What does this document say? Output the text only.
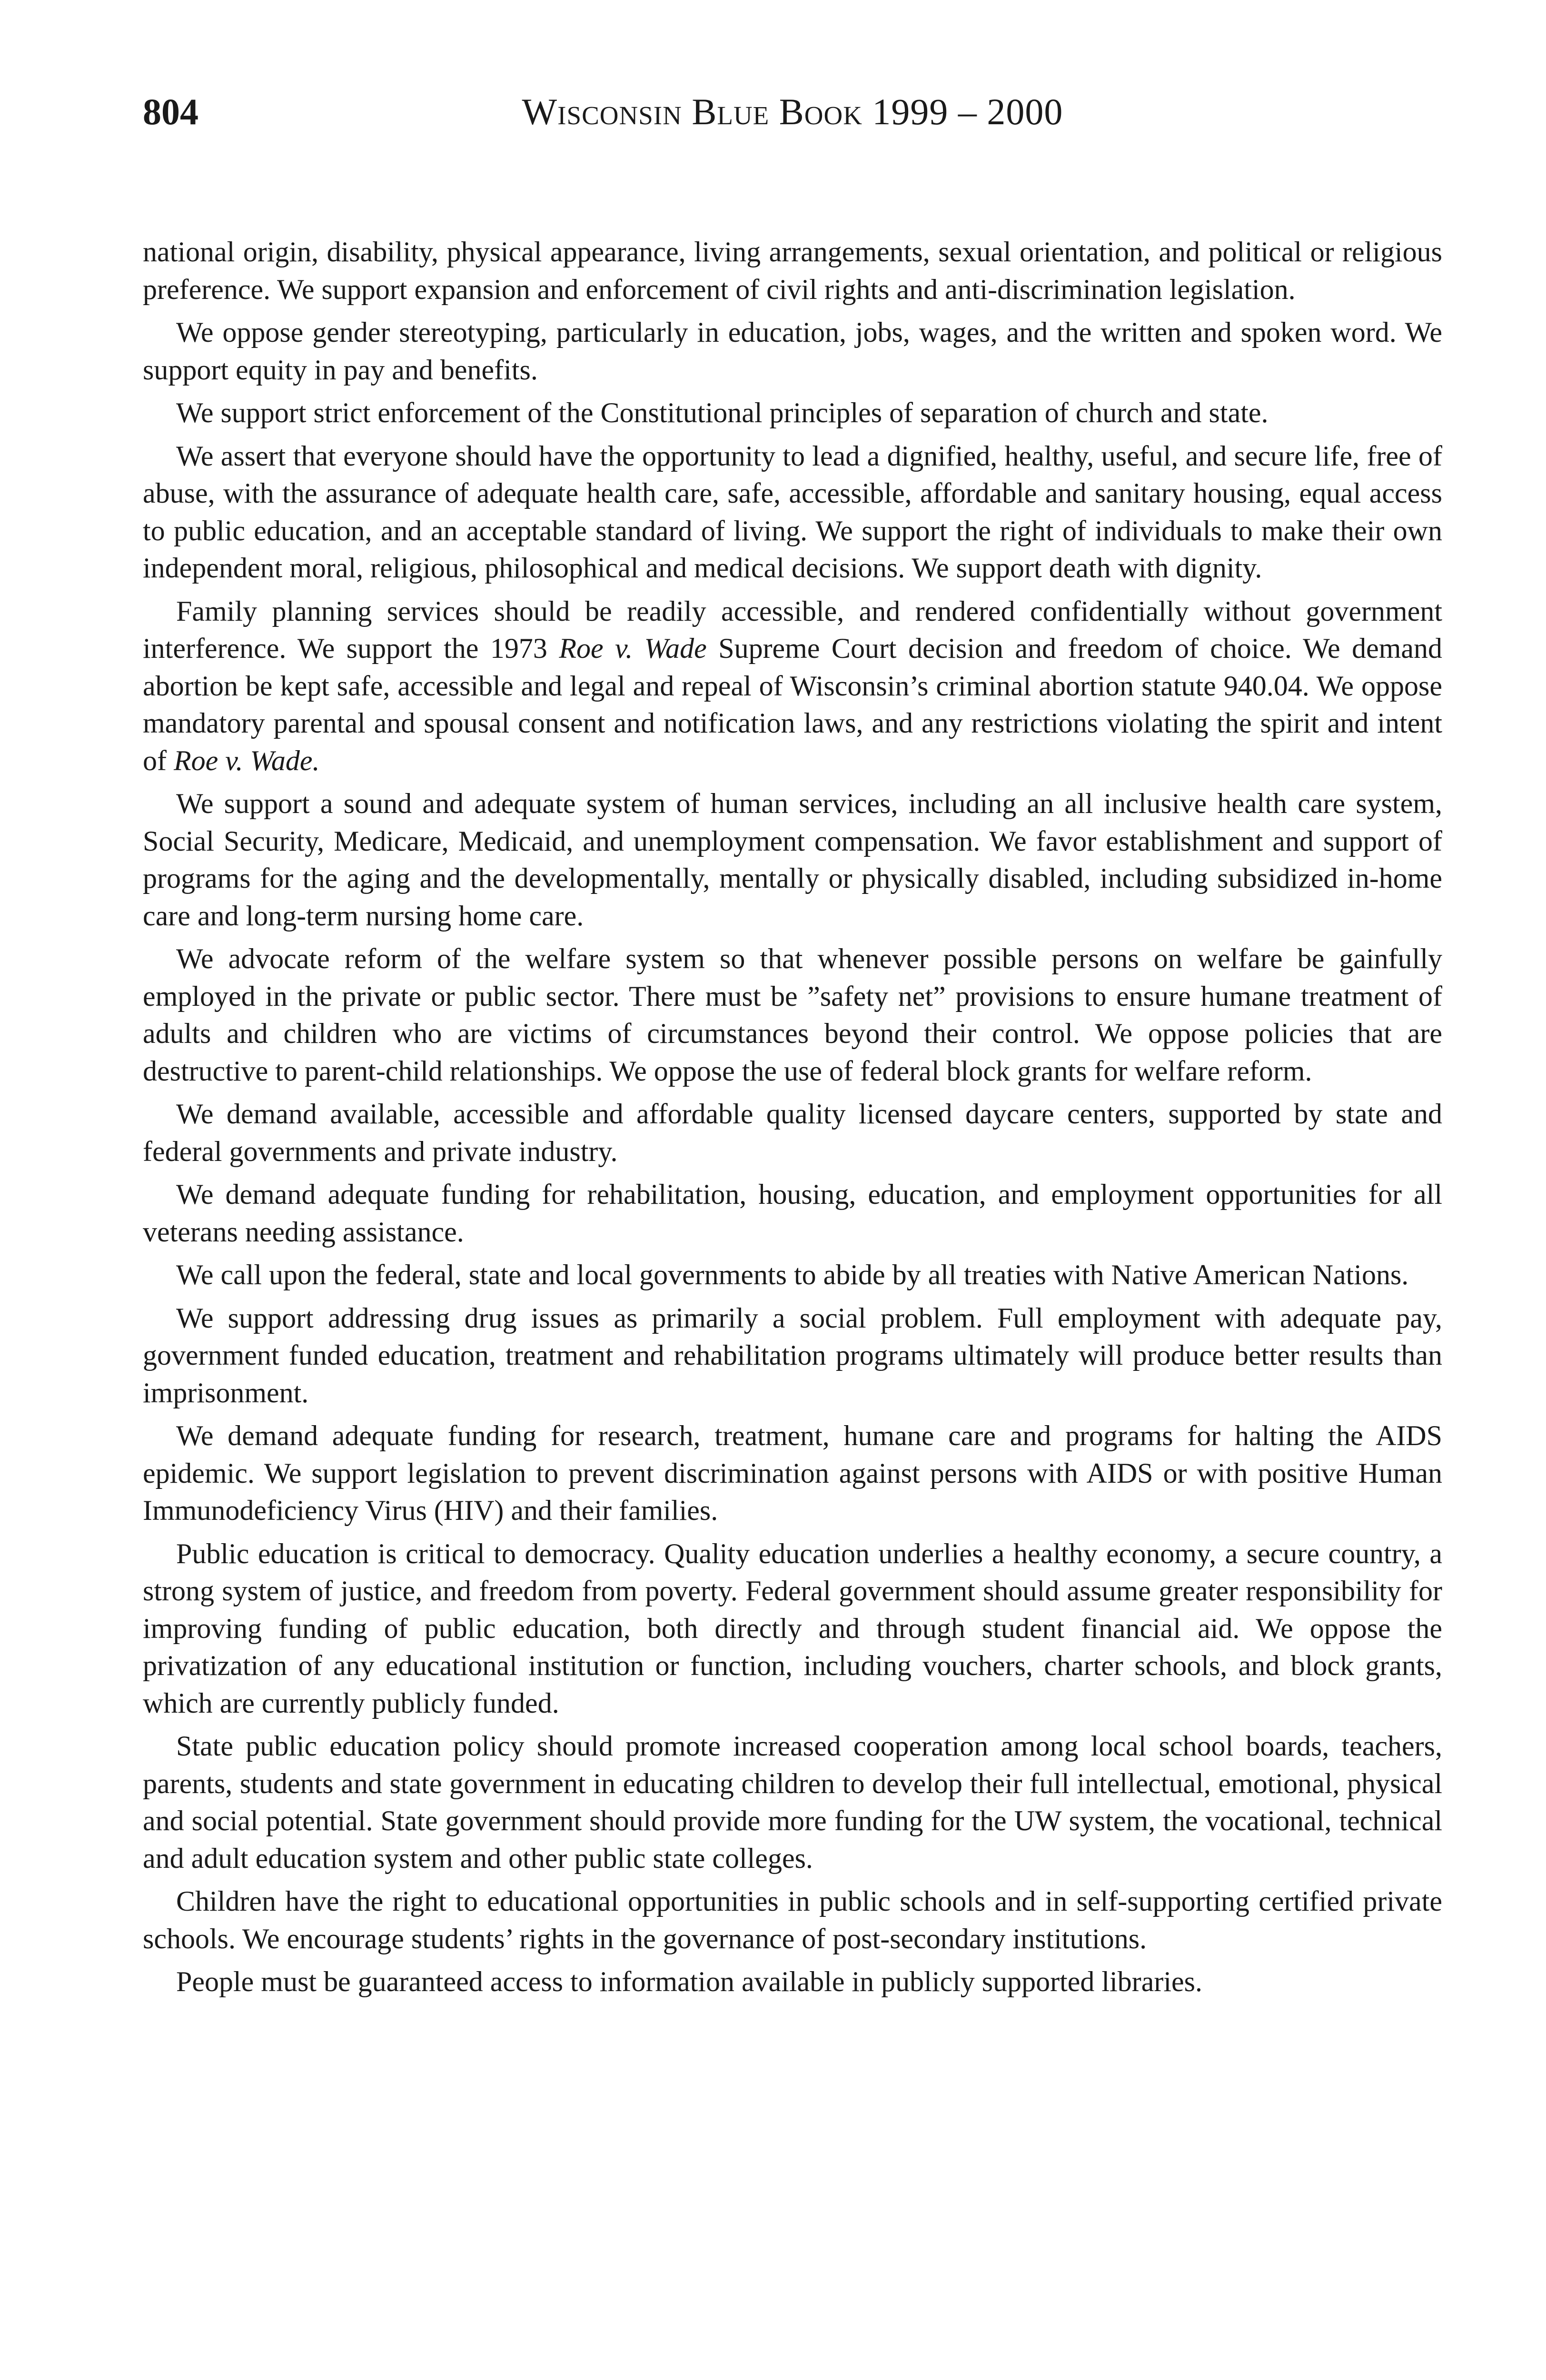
804	Wisconsin Blue Book 1999 – 2000

national origin, disability, physical appearance, living arrangements, sexual orientation, and political or religious preference. We support expansion and enforcement of civil rights and anti-discrimination legislation.

We oppose gender stereotyping, particularly in education, jobs, wages, and the written and spoken word. We support equity in pay and benefits.

We support strict enforcement of the Constitutional principles of separation of church and state.

We assert that everyone should have the opportunity to lead a dignified, healthy, useful, and secure life, free of abuse, with the assurance of adequate health care, safe, accessible, affordable and sanitary housing, equal access to public education, and an acceptable standard of living. We support the right of individuals to make their own independent moral, religious, philosophical and medical decisions. We support death with dignity.

Family planning services should be readily accessible, and rendered confidentially without government interference. We support the 1973 Roe v. Wade Supreme Court decision and freedom of choice. We demand abortion be kept safe, accessible and legal and repeal of Wisconsin’s criminal abortion statute 940.04. We oppose mandatory parental and spousal consent and notification laws, and any restrictions violating the spirit and intent of Roe v. Wade.

We support a sound and adequate system of human services, including an all inclusive health care system, Social Security, Medicare, Medicaid, and unemployment compensation. We favor establishment and support of programs for the aging and the developmentally, mentally or physically disabled, including subsidized in-home care and long-term nursing home care.

We advocate reform of the welfare system so that whenever possible persons on welfare be gainfully employed in the private or public sector. There must be ”safety net” provisions to ensure humane treatment of adults and children who are victims of circumstances beyond their control. We oppose policies that are destructive to parent-child relationships. We oppose the use of federal block grants for welfare reform.

We demand available, accessible and affordable quality licensed daycare centers, supported by state and federal governments and private industry.

We demand adequate funding for rehabilitation, housing, education, and employment opportunities for all veterans needing assistance.

We call upon the federal, state and local governments to abide by all treaties with Native American Nations.

We support addressing drug issues as primarily a social problem. Full employment with adequate pay, government funded education, treatment and rehabilitation programs ultimately will produce better results than imprisonment.

We demand adequate funding for research, treatment, humane care and programs for halting the AIDS epidemic. We support legislation to prevent discrimination against persons with AIDS or with positive Human Immunodeficiency Virus (HIV) and their families.

Public education is critical to democracy. Quality education underlies a healthy economy, a secure country, a strong system of justice, and freedom from poverty. Federal government should assume greater responsibility for improving funding of public education, both directly and through student financial aid. We oppose the privatization of any educational institution or function, including vouchers, charter schools, and block grants, which are currently publicly funded.

State public education policy should promote increased cooperation among local school boards, teachers, parents, students and state government in educating children to develop their full intellectual, emotional, physical and social potential. State government should provide more funding for the UW system, the vocational, technical and adult education system and other public state colleges.

Children have the right to educational opportunities in public schools and in self-supporting certified private schools. We encourage students’ rights in the governance of post-secondary institutions.

People must be guaranteed access to information available in publicly supported libraries.
